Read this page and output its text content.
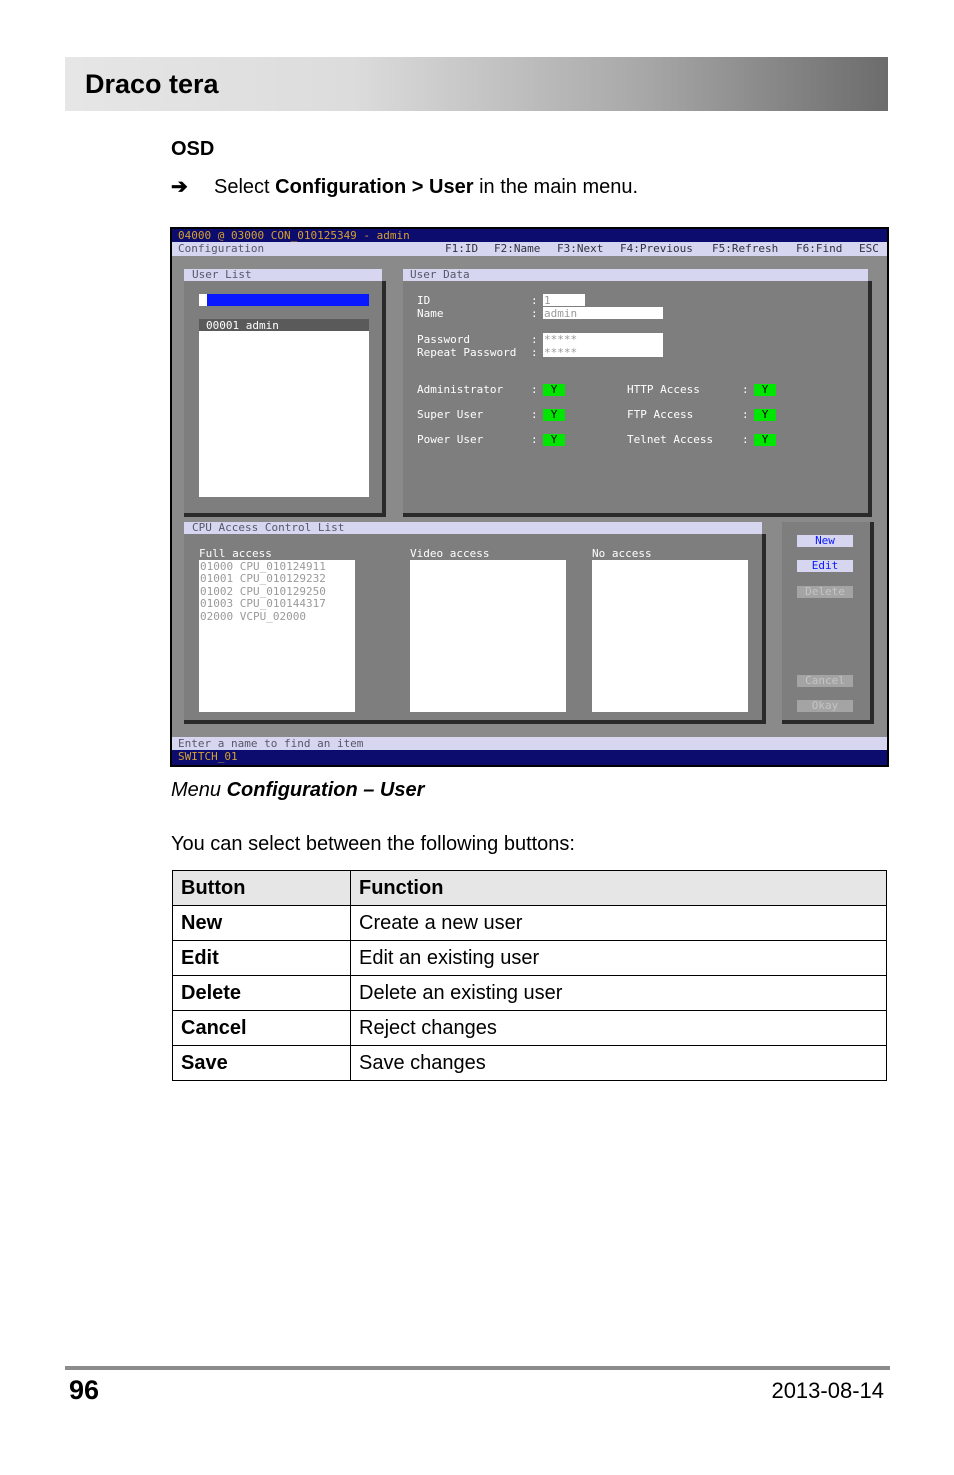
Draco tera
OSD
➔ Select Configuration > User in the main menu.
04000 @ 03000 CON_010125349 - admin
Configuration	F1:ID F2:Name F3:Next F4:Previous F5:Refresh F6:Find ESC
User List
00001 admin
User Data
ID	: 1
Name	: admin
Password	: *****
Repeat Password : *****
Administrator	:	Y
Super User	:	Y
Power User	:	Y
HTTP Access	:	Y
FTP Access	:	Y
Telnet Access	:	Y
CPU Access Control List
Full access	Video access	No access
01000 CPU_010124911
01001 CPU_010129232
01002 CPU_010129250
01003 CPU_010144317
02000 VCPU_02000
New
Edit
Delete
Cancel
Okay
Enter a name to find an item
SWITCH_01
Menu Configuration – User
You can select between the following buttons:
Button	Function
New	Create a new user
Edit	Edit an existing user
Delete	Delete an existing user
Cancel	Reject changes
Save	Save changes
96	2013-08-14
